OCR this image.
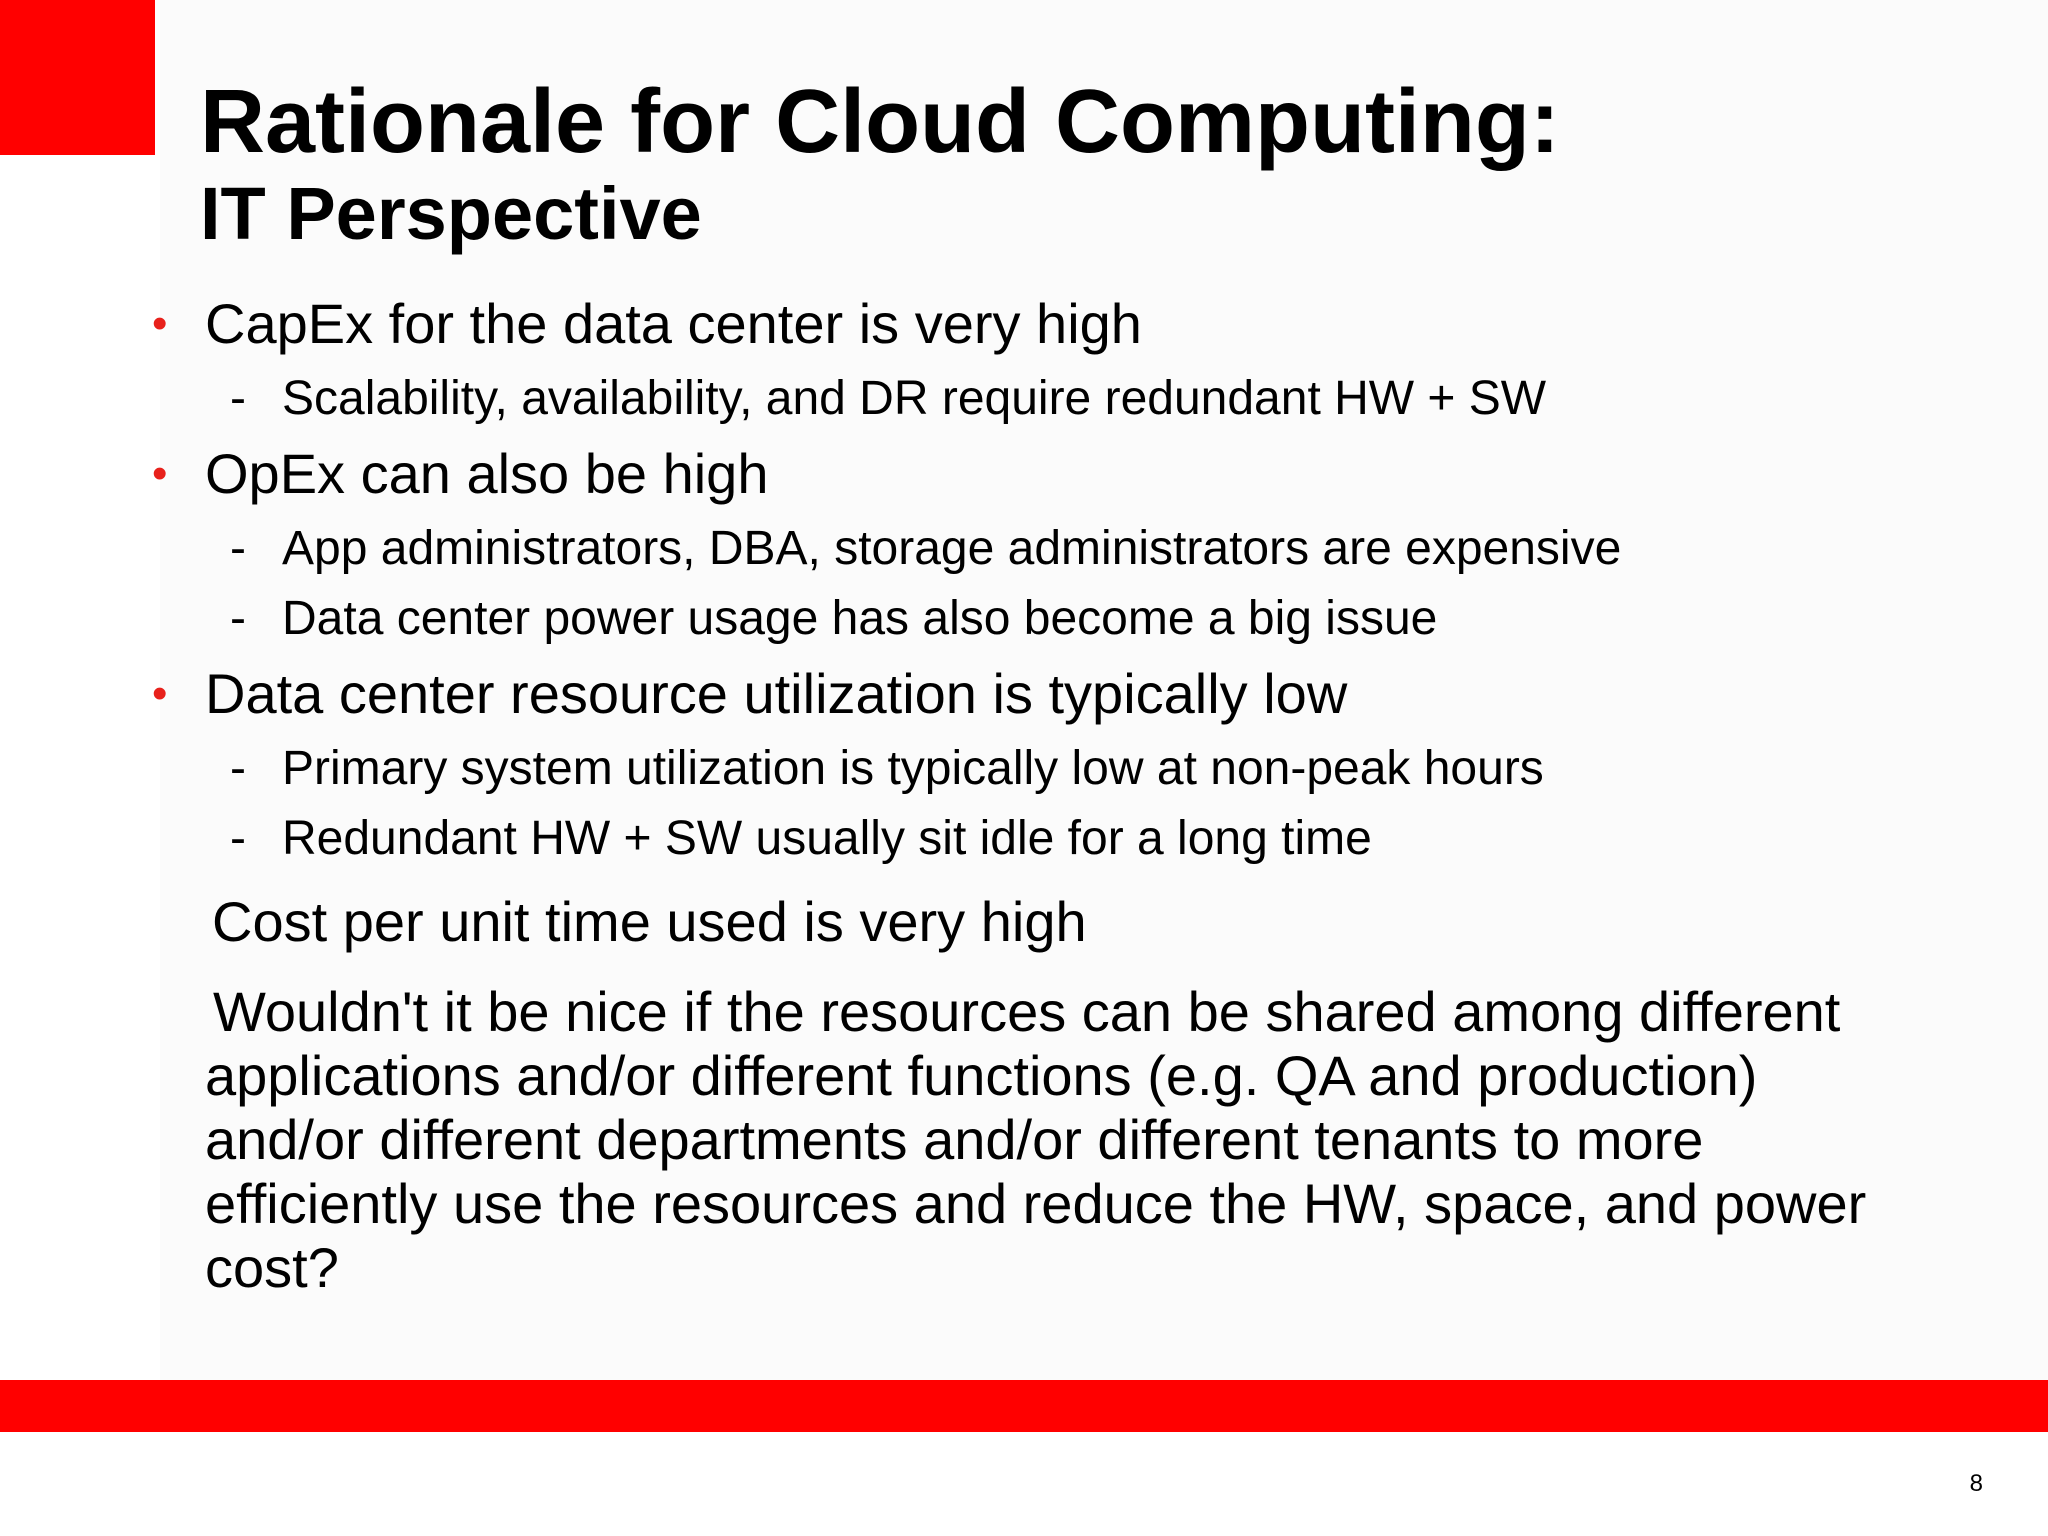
Rationale for Cloud Computing:
IT Perspective
• CapEx for the data center is very high
- Scalability, availability, and DR require redundant HW + SW
• OpEx can also be high
- App administrators, DBA, storage administrators are expensive
- Data center power usage has also become a big issue
• Data center resource utilization is typically low
- Primary system utilization is typically low at non-peak hours
- Redundant HW + SW usually sit idle for a long time

Cost per unit time used is very high

Wouldn't it be nice if the resources can be shared among different applications and/or different functions (e.g. QA and production) and/or different departments and/or different tenants to more efficiently use the resources and reduce the HW, space, and power cost?

8
